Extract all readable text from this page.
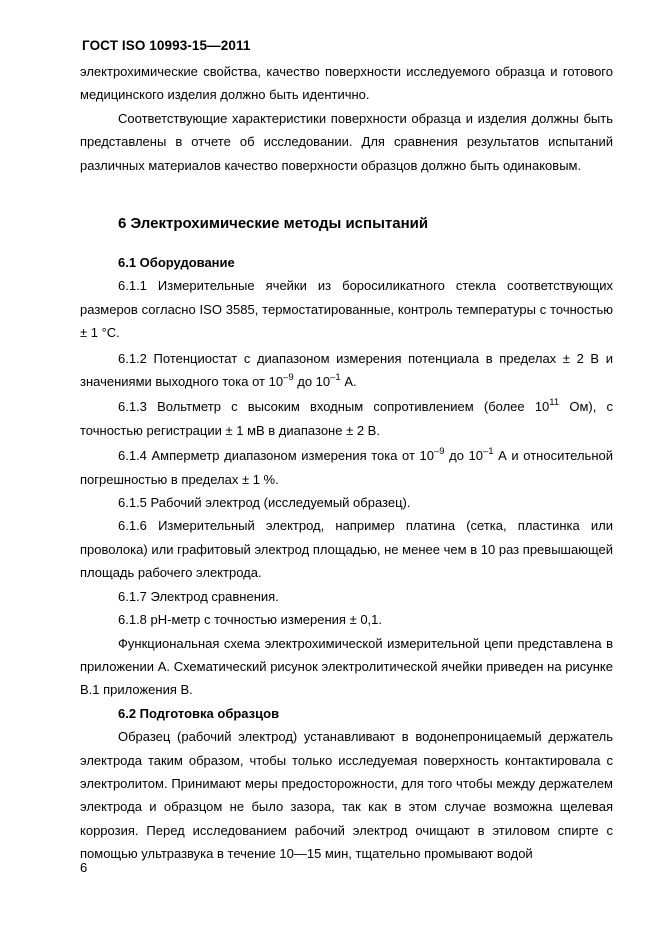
ГОСТ ISO 10993-15—2011

электрохимические свойства, качество поверхности исследуемого образца и готового медицинского изделия должно быть идентично.

Соответствующие характеристики поверхности образца и изделия должны быть представлены в отчете об исследовании. Для сравнения результатов испытаний различных материалов качество поверхности образцов должно быть одинаковым.

6 Электрохимические методы испытаний

6.1 Оборудование

6.1.1 Измерительные ячейки из боросиликатного стекла соответствующих размеров согласно ISO 3585, термостатированные, контроль температуры с точностью ± 1 °С.

6.1.2 Потенциостат с диапазоном измерения потенциала в пределах ± 2 В и значениями выходного тока от $10^{-9}$ до $10^{-1}$ А.

6.1.3 Вольтметр с высоким входным сопротивлением (более $10^{11}$ Ом), с точностью регистрации ± 1 мВ в диапазоне ± 2 В.

6.1.4 Амперметр диапазоном измерения тока от $10^{-9}$ до $10^{-1}$ А и относительной погрешностью в пределах ± 1 %.

6.1.5 Рабочий электрод (исследуемый образец).

6.1.6 Измерительный электрод, например платина (сетка, пластинка или проволока) или графитовый электрод площадью, не менее чем в 10 раз превышающей площадь рабочего электрода.

6.1.7 Электрод сравнения.

6.1.8 рН-метр с точностью измерения ± 0,1.

Функциональная схема электрохимической измерительной цепи представлена в приложении А. Схематический рисунок электролитической ячейки приведен на рисунке В.1 приложения В.

6.2 Подготовка образцов

Образец (рабочий электрод) устанавливают в водонепроницаемый держатель электрода таким образом, чтобы только исследуемая поверхность контактировала с электролитом. Принимают меры предосторожности, для того чтобы между держателем электрода и образцом не было зазора, так как в этом случае возможна щелевая коррозия. Перед исследованием рабочий электрод очищают в этиловом спирте с помощью ультразвука в течение 10—15 мин, тщательно промывают водой

6
